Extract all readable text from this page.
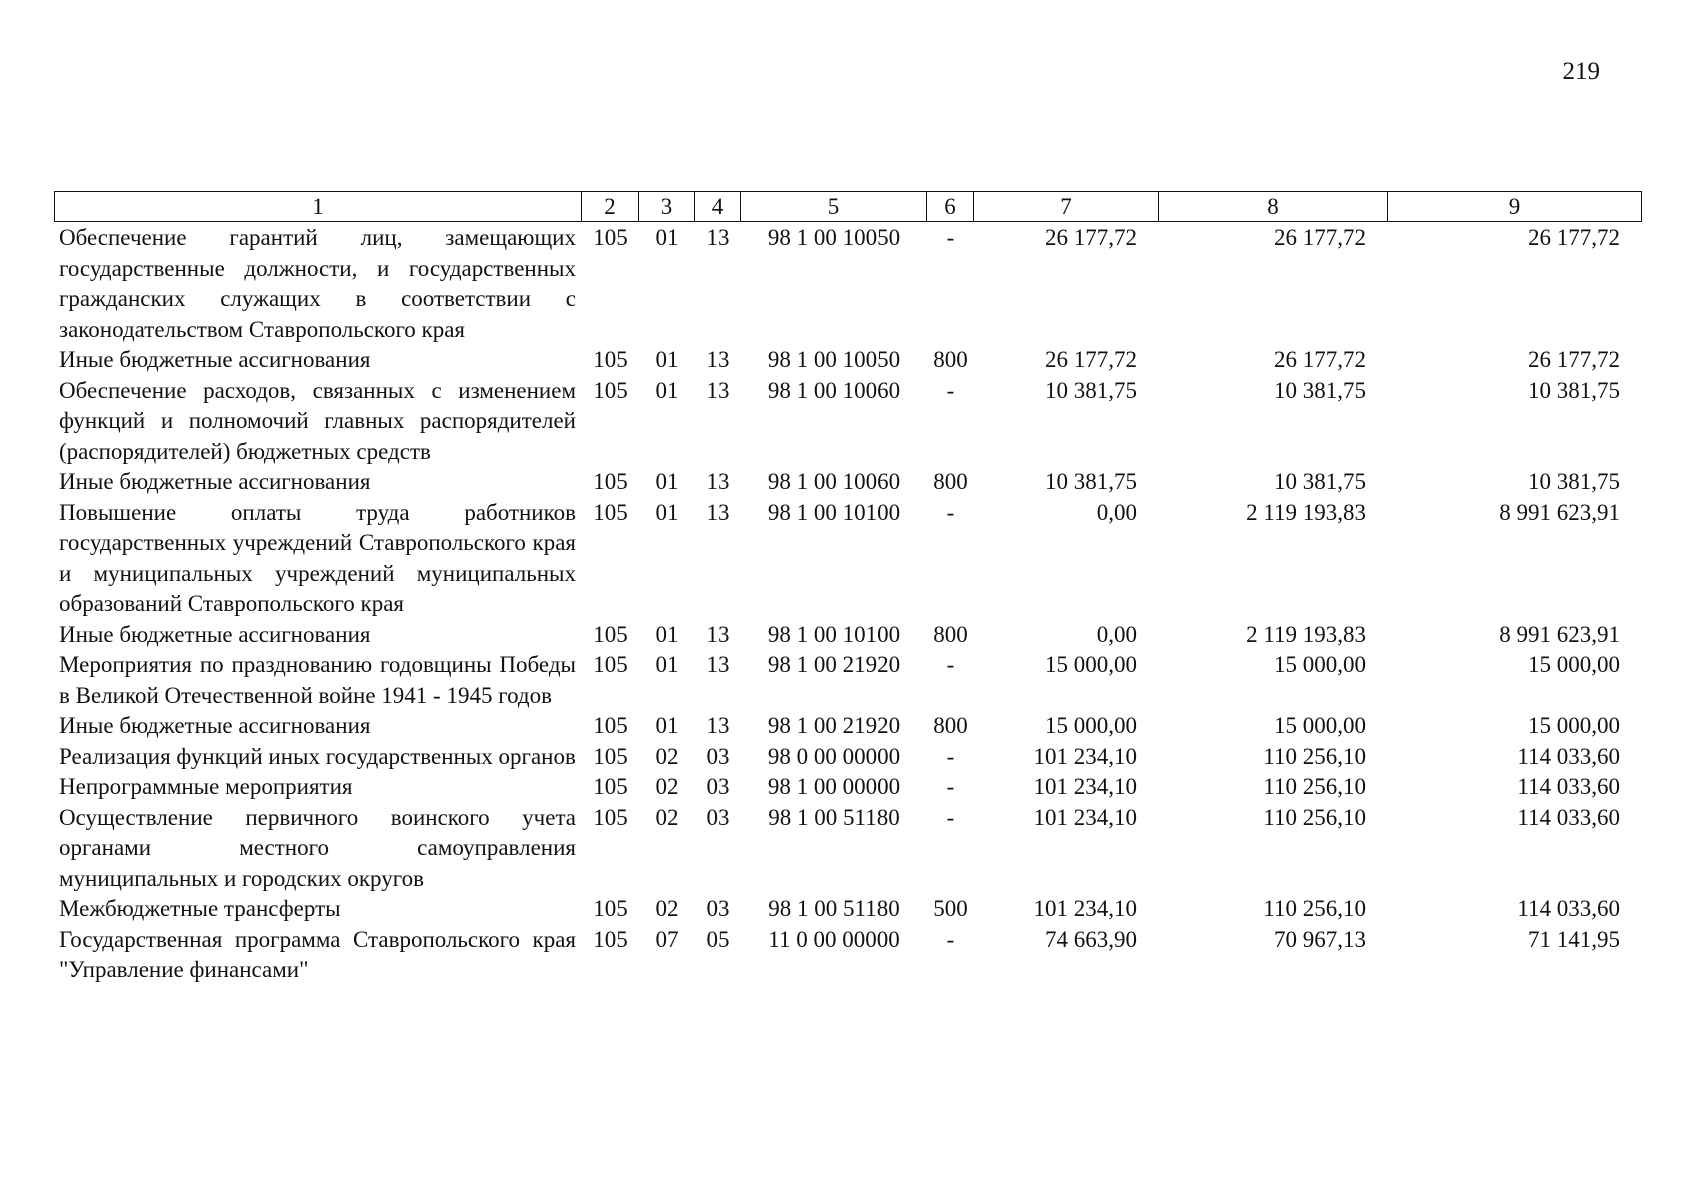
219
1	2	3	4	5	6	7	8	9
Обеспечение гарантий лиц, замещающих государственные должности, и государственных гражданских служащих в соответствии с законодательством Ставропольского края	105	01	13	98 1 00 10050	-	26 177,72	26 177,72	26 177,72
Иные бюджетные ассигнования	105	01	13	98 1 00 10050	800	26 177,72	26 177,72	26 177,72
Обеспечение расходов, связанных с изменением функций и полномочий главных распорядителей (распорядителей) бюджетных средств	105	01	13	98 1 00 10060	-	10 381,75	10 381,75	10 381,75
Иные бюджетные ассигнования	105	01	13	98 1 00 10060	800	10 381,75	10 381,75	10 381,75
Повышение оплаты труда работников государственных учреждений Ставропольского края и муниципальных учреждений муниципальных образований Ставропольского края	105	01	13	98 1 00 10100	-	0,00	2 119 193,83	8 991 623,91
Иные бюджетные ассигнования	105	01	13	98 1 00 10100	800	0,00	2 119 193,83	8 991 623,91
Мероприятия по празднованию годовщины Победы в Великой Отечественной войне 1941 - 1945 годов	105	01	13	98 1 00 21920	-	15 000,00	15 000,00	15 000,00
Иные бюджетные ассигнования	105	01	13	98 1 00 21920	800	15 000,00	15 000,00	15 000,00
Реализация функций иных государственных органов	105	02	03	98 0 00 00000	-	101 234,10	110 256,10	114 033,60
Непрограммные мероприятия	105	02	03	98 1 00 00000	-	101 234,10	110 256,10	114 033,60
Осуществление первичного воинского учета органами местного самоуправления муниципальных и городских округов	105	02	03	98 1 00 51180	-	101 234,10	110 256,10	114 033,60
Межбюджетные трансферты	105	02	03	98 1 00 51180	500	101 234,10	110 256,10	114 033,60
Государственная программа Ставропольского края "Управление финансами"	105	07	05	11 0 00 00000	-	74 663,90	70 967,13	71 141,95
